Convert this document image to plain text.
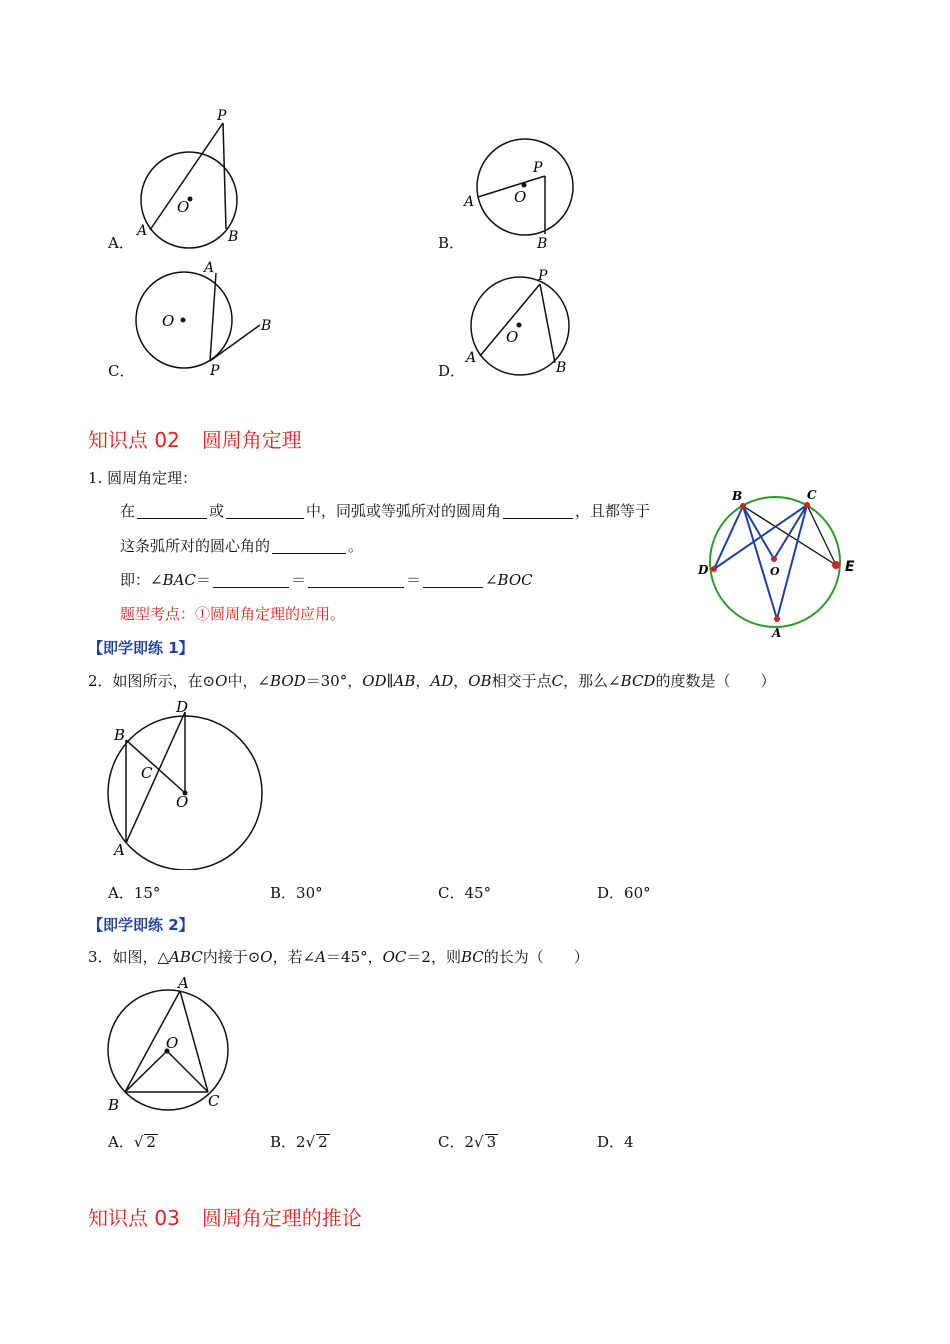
P
O
A	B
A．
P
O
A
B
B．
A
O
P
B
C．
P
O
A
B
D．
知识点 02 圆周角定理
1. 圆周角定理：
在	或	中，同弧或等弧所对的圆周角	，且都等于
这条弧所对的圆心角的	。
即：∠BAC＝	＝	＝	∠BOC
题型考点：①圆周角定理的应用。
B	C
D	O	E
A
【即学即练 1】
2．如图所示，在⊙O中，∠BOD＝30°，OD∥AB，AD，OB相交于点C，那么∠BCD的度数是（　　）
D
B
C
O
A
A．15°	B．30°	C．45°	D．60°
【即学即练 2】
3．如图，△ABC内接于⊙O，若∠A＝45°，OC＝2，则BC的长为（　　）
A
O
B	C
A．√ 2	B．2√ 2	C．2√ 3	D．4
知识点 03 圆周角定理的推论
